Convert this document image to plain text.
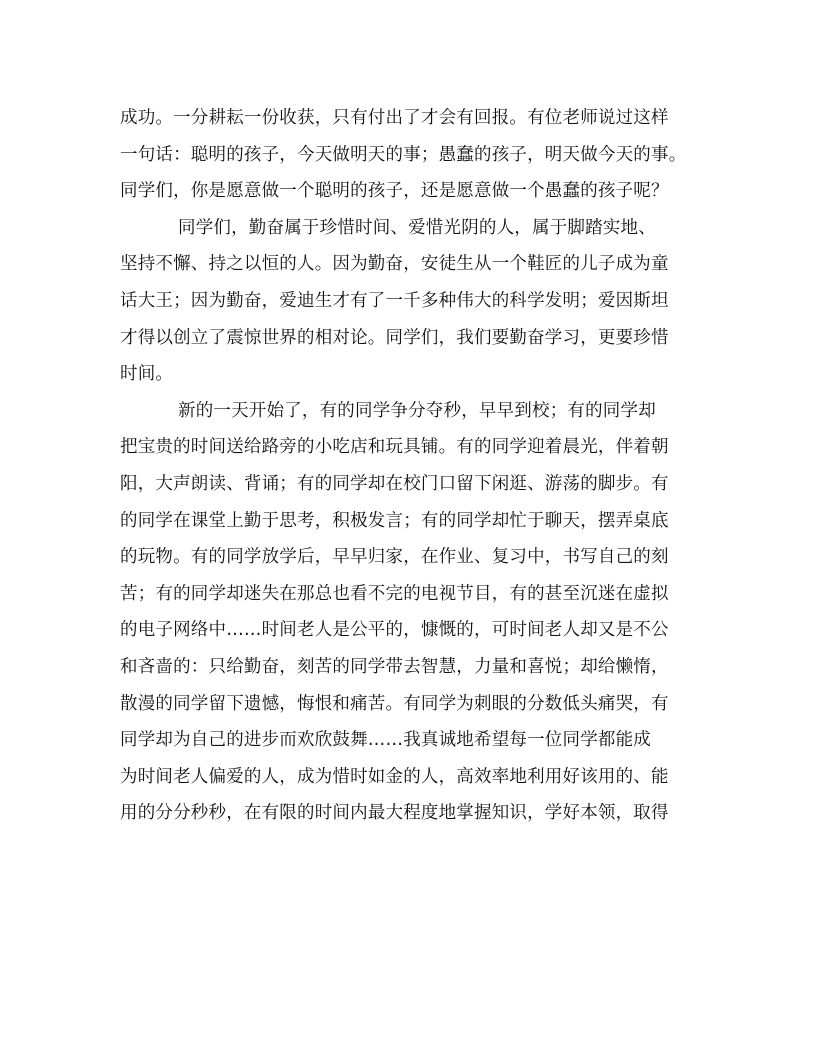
成功。一分耕耘一份收获，只有付出了才会有回报。有位老师说过这样
一句话：聪明的孩子，今天做明天的事；愚蠢的孩子，明天做今天的事。
同学们，你是愿意做一个聪明的孩子，还是愿意做一个愚蠢的孩子呢？
同学们，勤奋属于珍惜时间、爱惜光阴的人，属于脚踏实地、
坚持不懈、持之以恒的人。因为勤奋，安徒生从一个鞋匠的儿子成为童
话大王；因为勤奋，爱迪生才有了一千多种伟大的科学发明；爱因斯坦
才得以创立了震惊世界的相对论。同学们，我们要勤奋学习，更要珍惜
时间。
新的一天开始了，有的同学争分夺秒，早早到校；有的同学却
把宝贵的时间送给路旁的小吃店和玩具铺。有的同学迎着晨光，伴着朝
阳，大声朗读、背诵；有的同学却在校门口留下闲逛、游荡的脚步。有
的同学在课堂上勤于思考，积极发言；有的同学却忙于聊天，摆弄桌底
的玩物。有的同学放学后，早早归家，在作业、复习中，书写自己的刻
苦；有的同学却迷失在那总也看不完的电视节目，有的甚至沉迷在虚拟
的电子网络中……时间老人是公平的，慷慨的，可时间老人却又是不公
和吝啬的：只给勤奋，刻苦的同学带去智慧，力量和喜悦；却给懒惰，
散漫的同学留下遗憾，悔恨和痛苦。有同学为刺眼的分数低头痛哭，有
同学却为自己的进步而欢欣鼓舞……我真诚地希望每一位同学都能成
为时间老人偏爱的人，成为惜时如金的人，高效率地利用好该用的、能
用的分分秒秒，在有限的时间内最大程度地掌握知识，学好本领，取得
